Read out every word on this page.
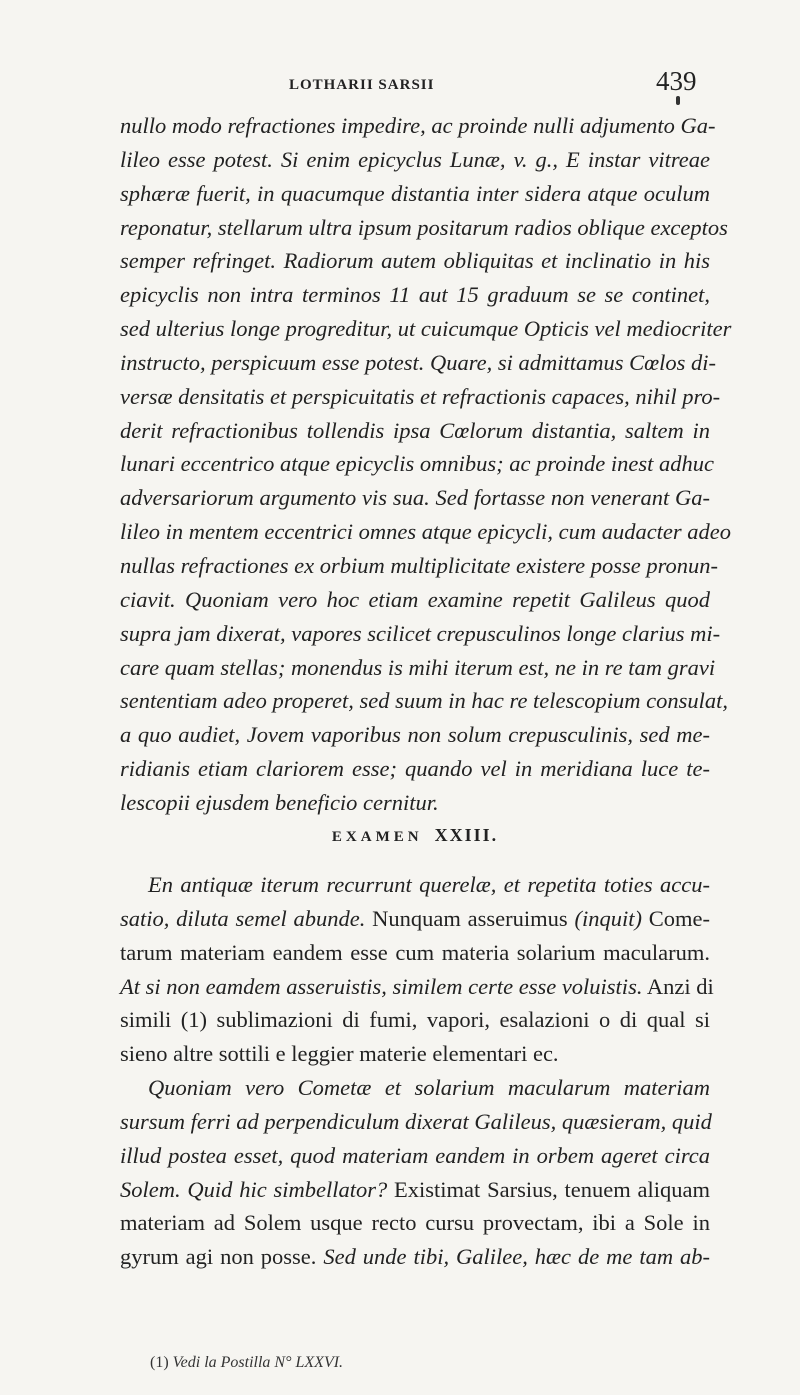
LOTHARII SARSII	439
nullo modo refractiones impedire, ac proinde nulli adjumento Ga-
lileo esse potest. Si enim epicyclus Lunæ, v. g., E instar vitreae
sphæræ fuerit, in quacumque distantia inter sidera atque oculum
reponatur, stellarum ultra ipsum positarum radios oblique exceptos
semper refringet. Radiorum autem obliquitas et inclinatio in his
epicyclis non intra terminos 11 aut 15 graduum se se continet,
sed ulterius longe progreditur, ut cuicumque Opticis vel mediocriter
instructo, perspicuum esse potest. Quare, si admittamus Cœlos di-
versæ densitatis et perspicuitatis et refractionis capaces, nihil pro-
derit refractionibus tollendis ipsa Cœlorum distantia, saltem in
lunari eccentrico atque epicyclis omnibus; ac proinde inest adhuc
adversariorum argumento vis sua. Sed fortasse non venerant Ga-
lileo in mentem eccentrici omnes atque epicycli, cum audacter adeo
nullas refractiones ex orbium multiplicitate existere posse pronun-
ciavit. Quoniam vero hoc etiam examine repetit Galileus quod
supra jam dixerat, vapores scilicet crepusculinos longe clarius mi-
care quam stellas; monendus is mihi iterum est, ne in re tam gravi
sententiam adeo properet, sed suum in hac re telescopium consulat,
a quo audiet, Jovem vaporibus non solum crepusculinis, sed me-
ridianis etiam clariorem esse; quando vel in meridiana luce te-
lescopii ejusdem beneficio cernitur.
EXAMEN XXIII.
En antiquæ iterum recurrunt querelæ, et repetita toties accu-
satio, diluta semel abunde. Nunquam asseruimus (inquit) Come-
tarum materiam eandem esse cum materia solarium macularum.
At si non eamdem asseruistis, similem certe esse voluistis. Anzi di
simili (1) sublimazioni di fumi, vapori, esalazioni o di qual si
sieno altre sottili e leggier materie elementari ec.
Quoniam vero Cometæ et solarium macularum materiam
sursum ferri ad perpendiculum dixerat Galileus, quæsieram, quid
illud postea esset, quod materiam eandem in orbem ageret circa
Solem. Quid hic simbellator? Existimat Sarsius, tenuem aliquam
materiam ad Solem usque recto cursu provectam, ibi a Sole in
gyrum agi non posse. Sed unde tibi, Galilee, hæc de me tam ab-
(1) Vedi la Postilla N° LXXVI.
